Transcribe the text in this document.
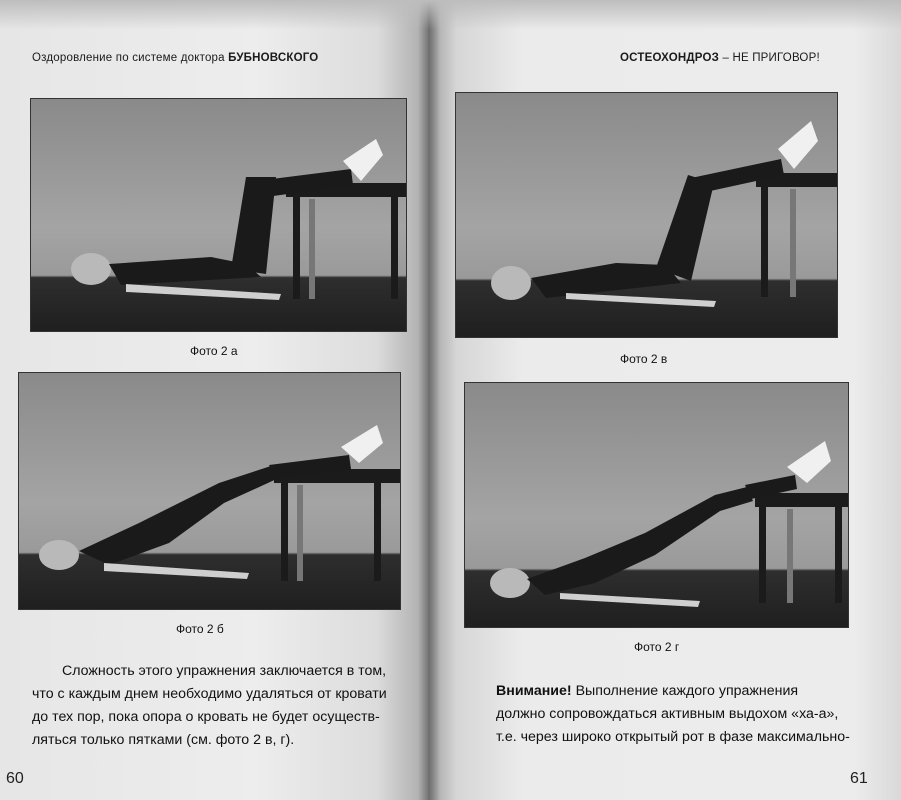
Оздоровление по системе доктора БУБНОВСКОГО
Фото 2 а
Фото 2 б
Сложность этого упражнения заключается в том,
что с каждым днем необходимо удаляться от кровати
до тех пор, пока опора о кровать не будет осуществ-
ляться только пятками (см. фото 2 в, г).
60
ОСТЕОХОНДРОЗ – НЕ ПРИГОВОР!
Фото 2 в
Фото 2 г
Внимание! Выполнение каждого упражнения
должно сопровождаться активным выдохом «ха-а»,
т.е. через широко открытый рот в фазе максимально-
61
